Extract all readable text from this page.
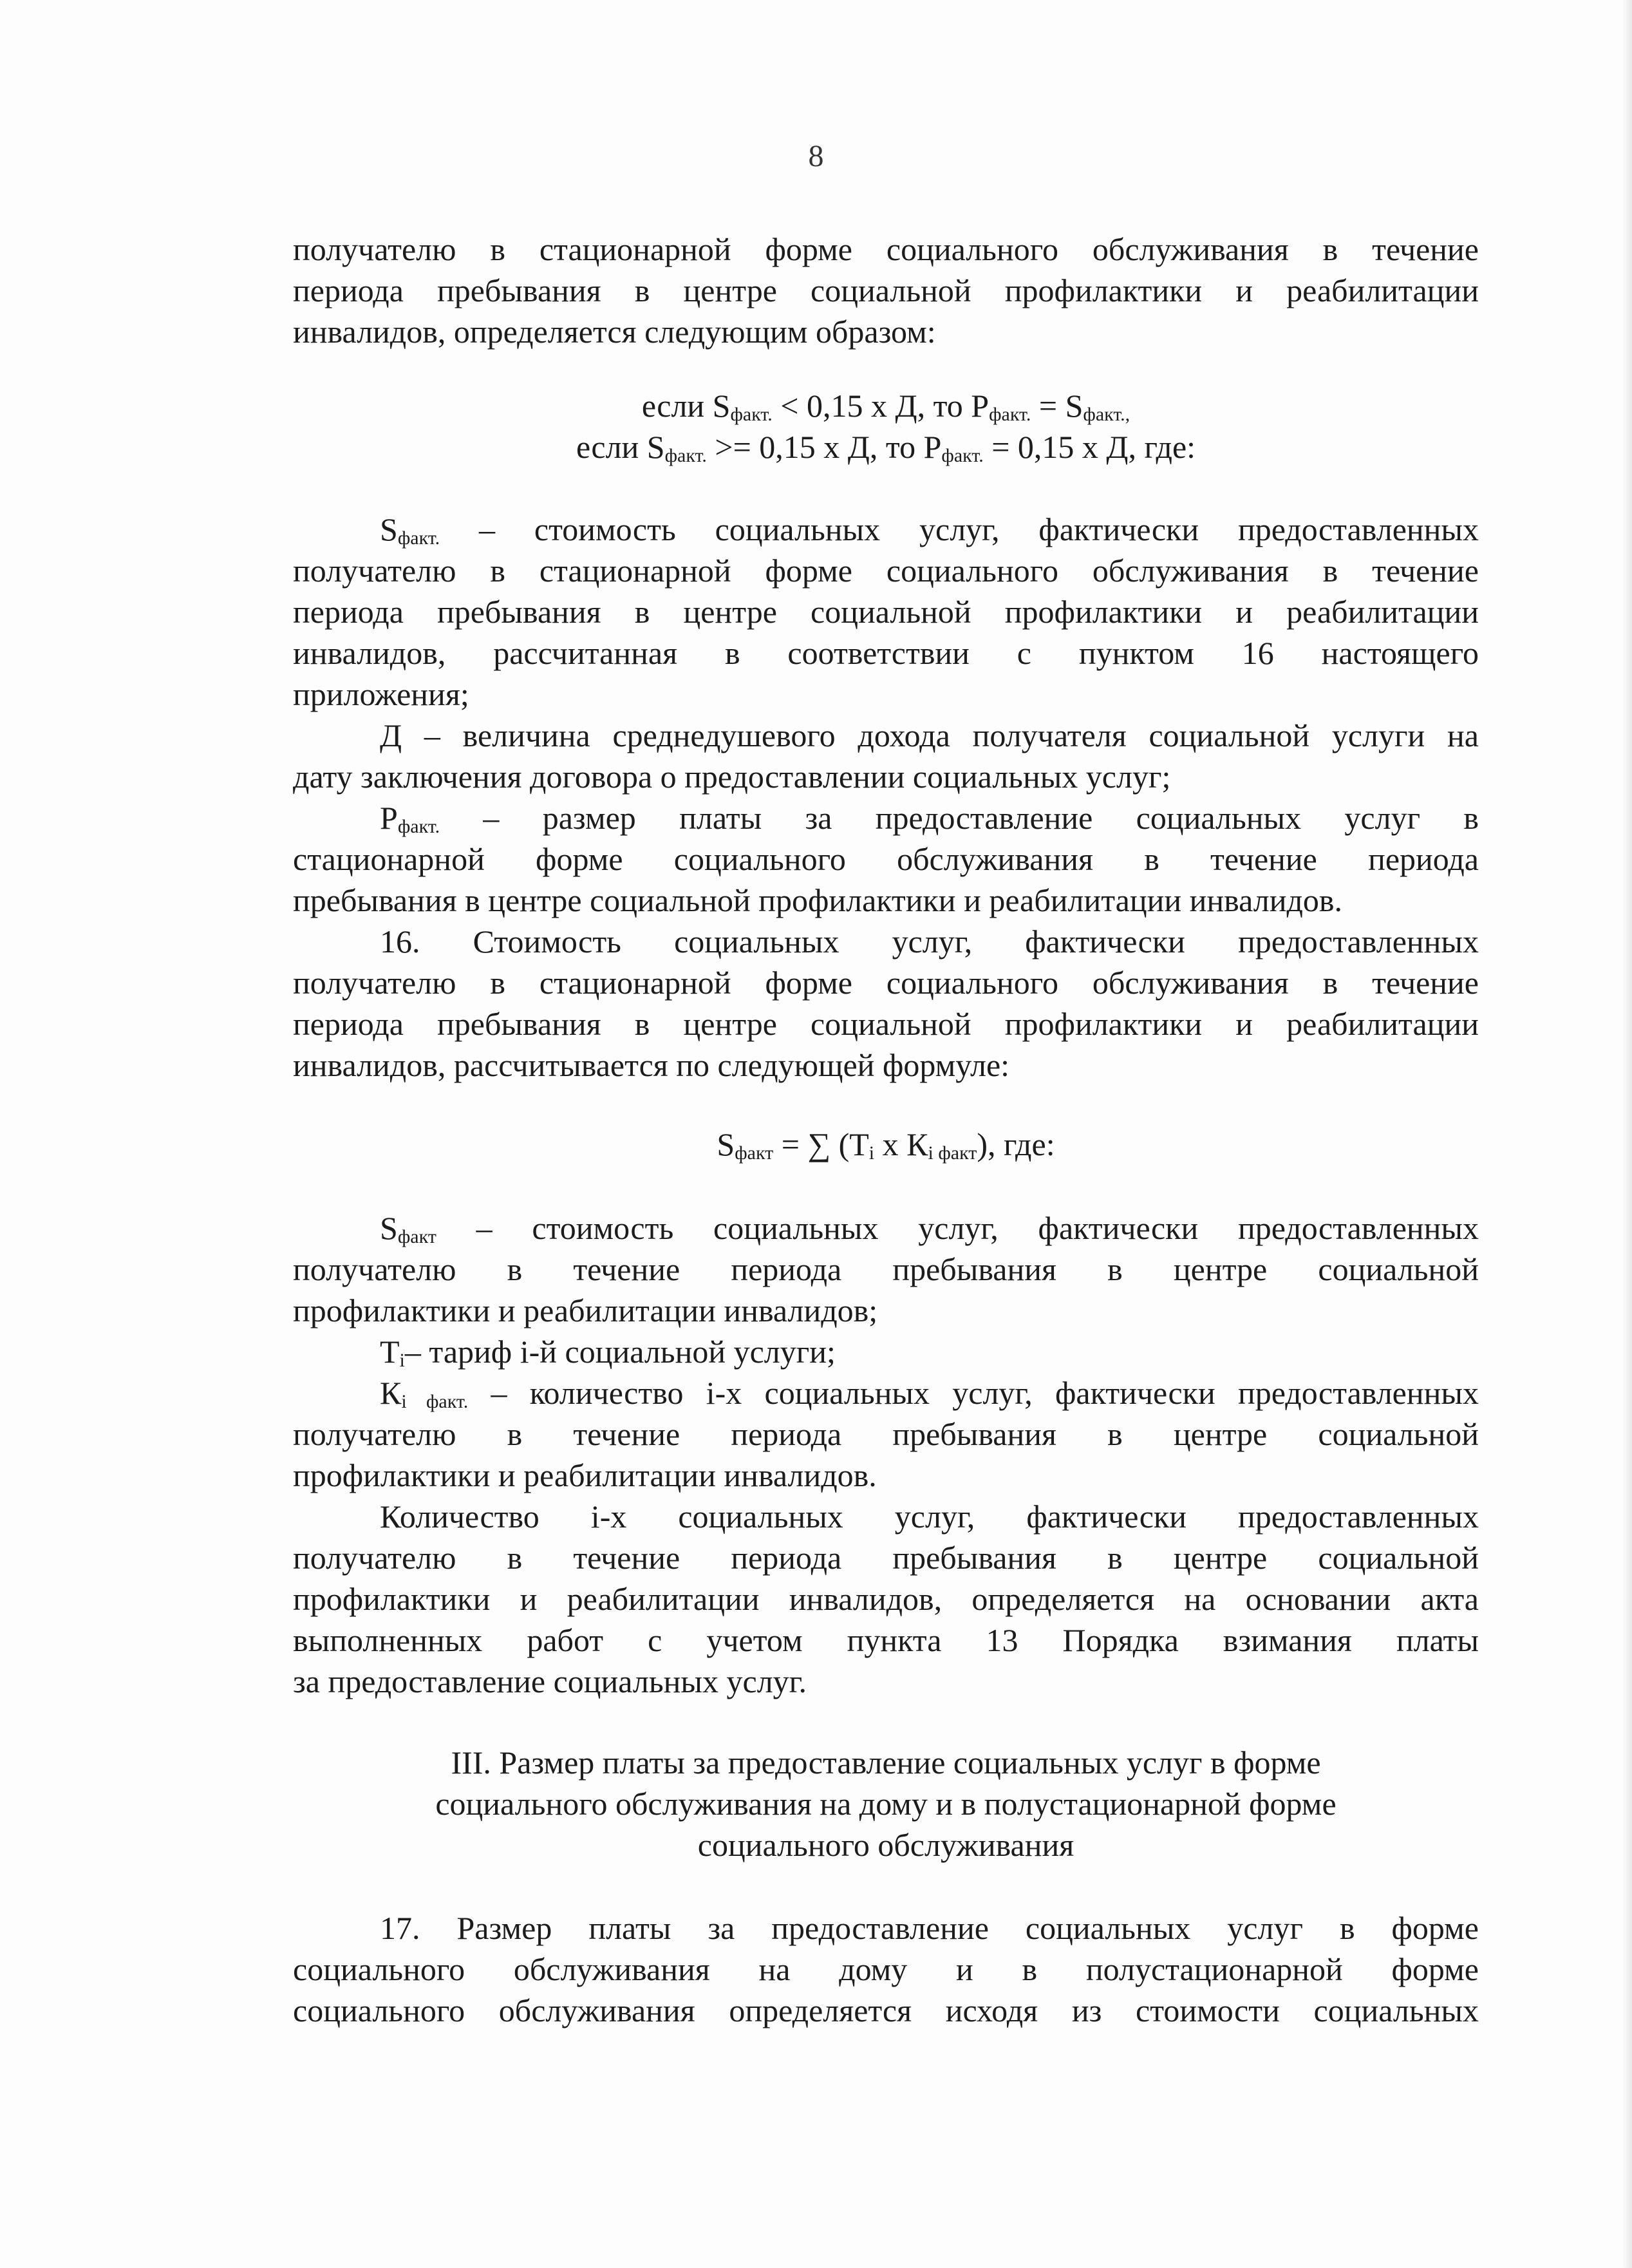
8

получателю в стационарной форме социального обслуживания в течение

периода пребывания в центре социальной профилактики и реабилитации

инвалидов, определяется следующим образом:

если $S_{факт.} < 0,15$ х Д, то $Р_{факт.} = S_{факт.,}$

если $S_{факт.} >= 0,15$ х Д, то $Р_{факт.} = 0,15$ х Д, где:

$S_{факт.}$ – стоимость социальных услуг, фактически предоставленных

получателю в стационарной форме социального обслуживания в течение

периода пребывания в центре социальной профилактики и реабилитации

инвалидов, рассчитанная в соответствии с пунктом 16 настоящего

приложения;

Д – величина среднедушевого дохода получателя социальной услуги на

дату заключения договора о предоставлении социальных услуг;

$Р_{факт.}$ – размер платы за предоставление социальных услуг в

стационарной форме социального обслуживания в течение периода

пребывания в центре социальной профилактики и реабилитации инвалидов.

16. Стоимость социальных услуг, фактически предоставленных

получателю в стационарной форме социального обслуживания в течение

периода пребывания в центре социальной профилактики и реабилитации

инвалидов, рассчитывается по следующей формуле:

$S_{факт}$ = ∑ ($Т_i$ х $К_{i факт}$), где:

$S_{факт}$ – стоимость социальных услуг, фактически предоставленных

получателю в течение периода пребывания в центре социальной

профилактики и реабилитации инвалидов;

$Т_i-$ тариф i-й социальной услуги;

$К_{i факт.}$ – количество i-х социальных услуг, фактически предоставленных

получателю в течение периода пребывания в центре социальной

профилактики и реабилитации инвалидов.

Количество i-х социальных услуг, фактически предоставленных

получателю в течение периода пребывания в центре социальной

профилактики и реабилитации инвалидов, определяется на основании акта

выполненных работ с учетом пункта 13 Порядка взимания платы

за предоставление социальных услуг.

III. Размер платы за предоставление социальных услуг в форме

социального обслуживания на дому и в полустационарной форме

социального обслуживания

17. Размер платы за предоставление социальных услуг в форме

социального обслуживания на дому и в полустационарной форме

социального обслуживания определяется исходя из стоимости социальных
